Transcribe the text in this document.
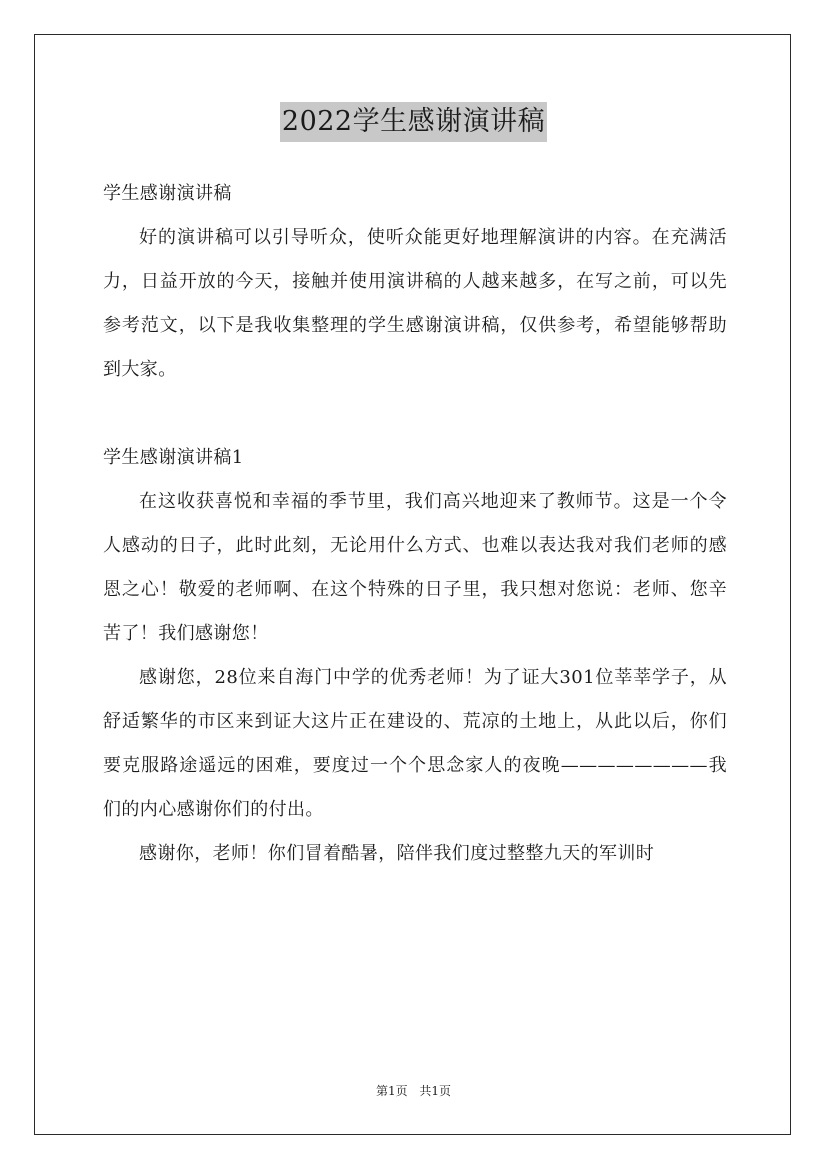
2022学生感谢演讲稿

学生感谢演讲稿

好的演讲稿可以引导听众，使听众能更好地理解演讲的内容。在充满活力，日益开放的今天，接触并使用演讲稿的人越来越多，在写之前，可以先参考范文，以下是我收集整理的学生感谢演讲稿，仅供参考，希望能够帮助到大家。

学生感谢演讲稿1

在这收获喜悦和幸福的季节里，我们高兴地迎来了教师节。这是一个令人感动的日子，此时此刻，无论用什么方式、也难以表达我对我们老师的感恩之心！敬爱的老师啊、在这个特殊的日子里，我只想对您说：老师、您辛苦了！我们感谢您！

感谢您，28位来自海门中学的优秀老师！为了证大301位莘莘学子，从舒适繁华的市区来到证大这片正在建设的、荒凉的土地上，从此以后，你们要克服路途遥远的困难，要度过一个个思念家人的夜晚————————我们的内心感谢你们的付出。

感谢你，老师！你们冒着酷暑，陪伴我们度过整整九天的军训时

第1页 共1页
